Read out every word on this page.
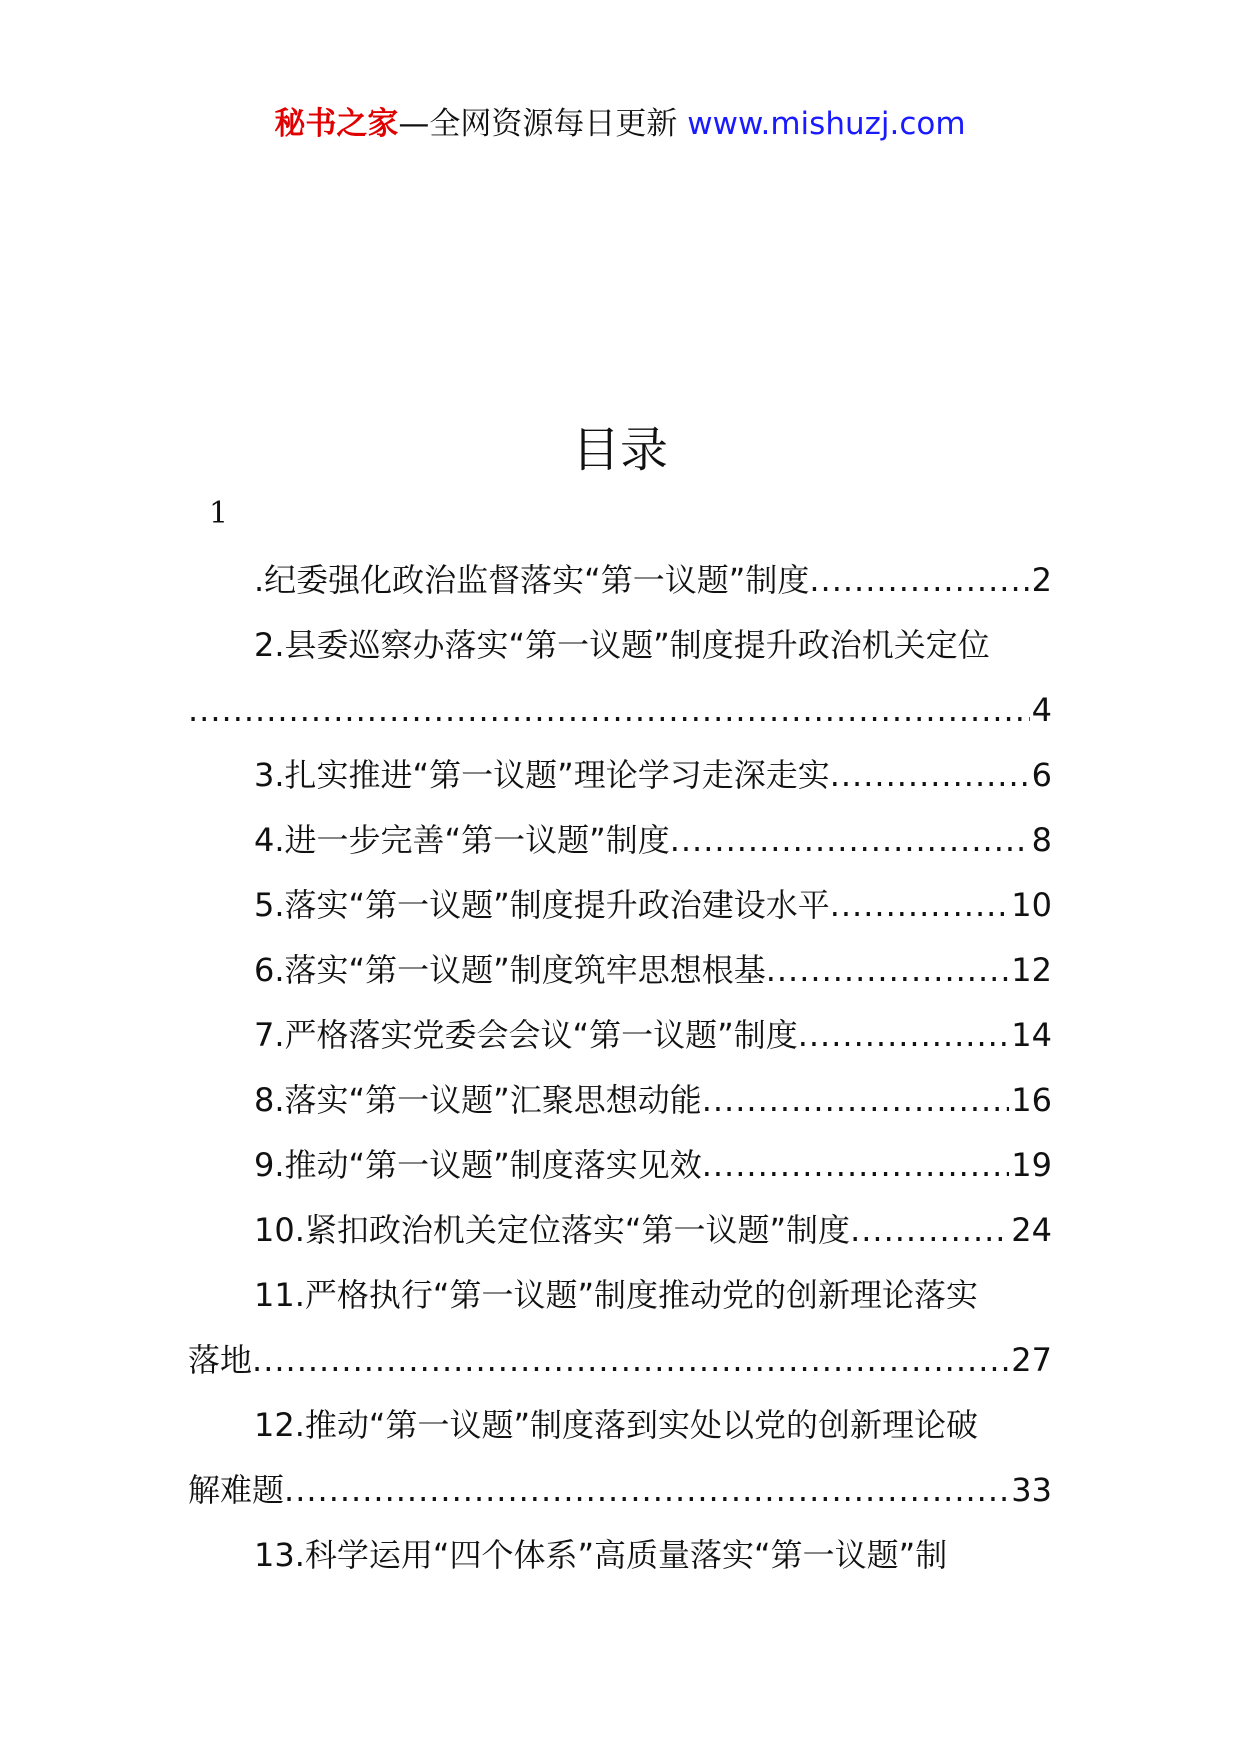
秘书之家—全网资源每日更新 www.mishuzj.com
目录
1
.纪委强化政治监督落实“第一议题”制度 .....	2
2.县委巡察办落实“第一议题”制度提升政治机关定位
.....
4
3.扎实推进“第一议题”理论学习走深走实 .....	6
4.进一步完善“第一议题”制度 .....	8
5.落实“第一议题”制度提升政治建设水平 .....	10
6.落实“第一议题”制度筑牢思想根基 .....	12
7.严格落实党委会会议“第一议题”制度 .....	14
8.落实“第一议题”汇聚思想动能 .....	16
9.推动“第一议题”制度落实见效 .....	19
10.紧扣政治机关定位落实“第一议题”制度 .....	24
11.严格执行“第一议题”制度推动党的创新理论落实
落地 .....	27
12.推动“第一议题”制度落到实处以党的创新理论破
解难题 .....	33
13.科学运用“四个体系”高质量落实“第一议题”制
